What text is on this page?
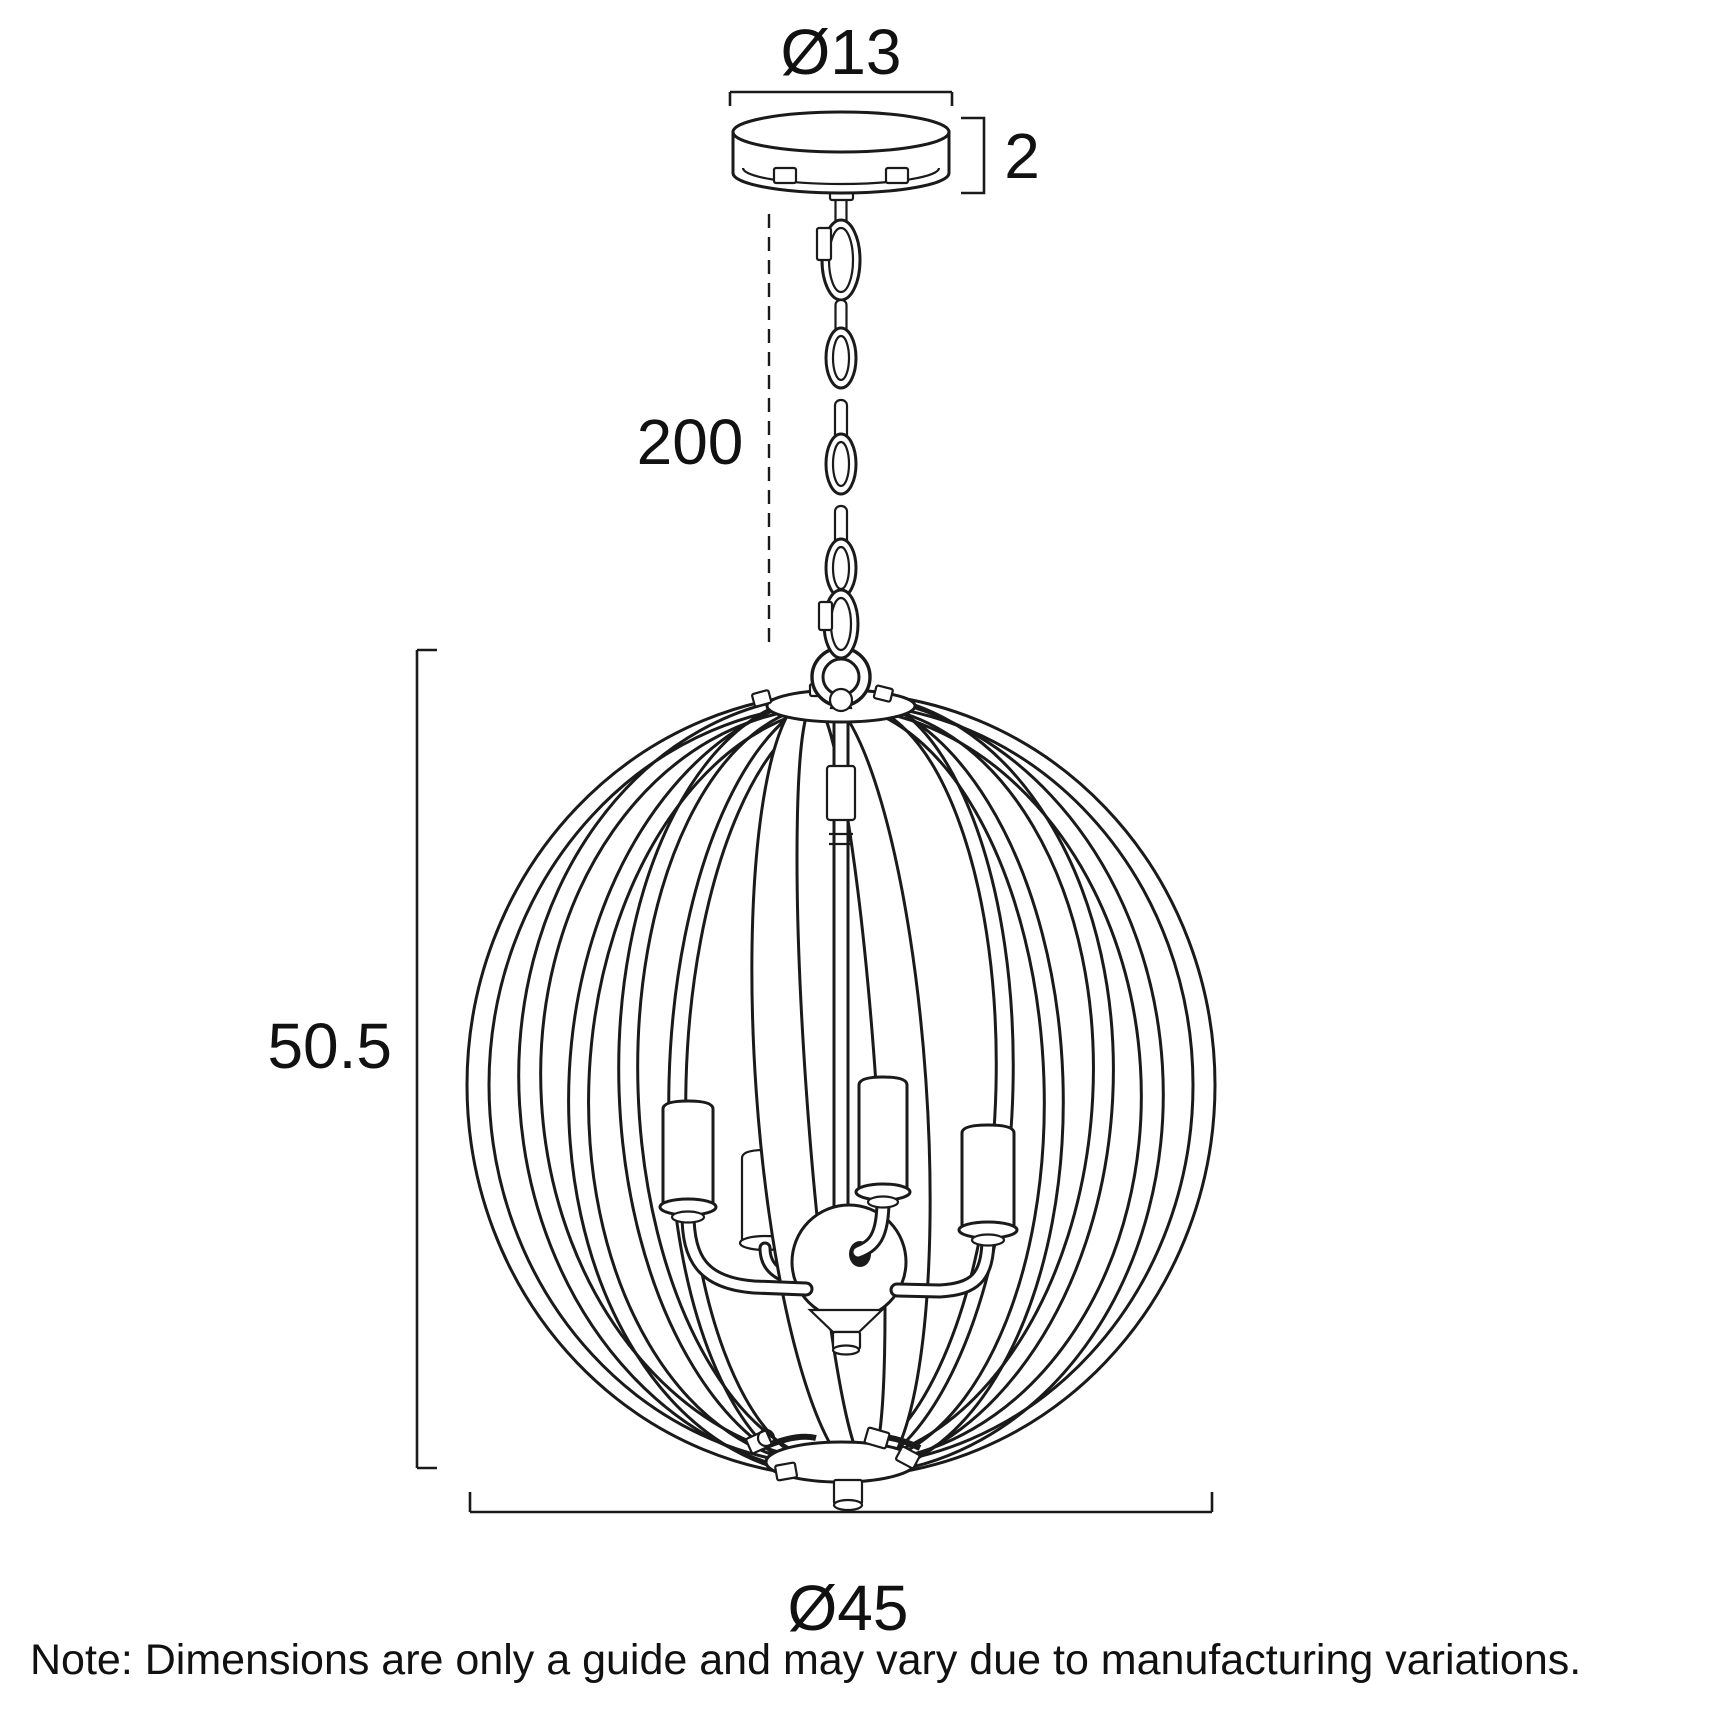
Ø13
2
200
50.5
Ø45
Note: Dimensions are only a guide and may vary due to manufacturing variations.
